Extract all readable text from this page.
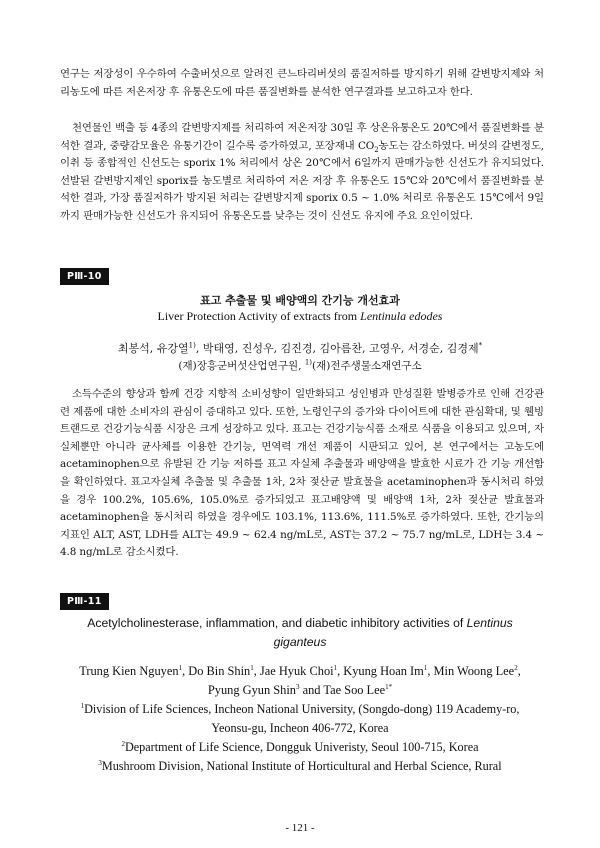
연구는 저장성이 우수하여 수출버섯으로 알려진 큰느타리버섯의 품질저하를 방지하기 위해 갈변방지제와 처리농도에 따른 저온저장 후 유통온도에 따른 품질변화를 분석한 연구결과를 보고하고자 한다.

천연물인 백출 등 4종의 갈변방지제를 처리하여 저온저장 30일 후 상온유통온도 20℃에서 품질변화를 분석한 결과, 중량감모율은 유통기간이 길수록 증가하였고, 포장재내 $CO_2$농도는 감소하였다. 버섯의 갈변정도, 이취 등 종합적인 신선도는 sporix 1% 처리에서 상온 20℃에서 6일까지 판매가능한 신선도가 유지되었다. 선발된 갈변방지제인 sporix를 농도별로 처리하여 저온 저장 후 유통온도 15℃와 20℃에서 품질변화를 분석한 결과, 가장 품질저하가 방지된 처리는 갈변방지제 sporix 0.5 ~ 1.0% 처리로 유통온도 15℃에서 9일까지 판매가능한 신선도가 유지되어 유통온도를 낮추는 것이 신선도 유지에 주요 요인이었다.

PⅢ-10

표고 추출물 및 배양액의 간기능 개선효과

Liver Protection Activity of extracts from Lentinula edodes

최봉석, 유강열$^{1)}$, 박태영, 진성우, 김진경, 김아름찬, 고영우, 서경순, 김경제*

(재)장흥군버섯산업연구원, $^{1)}$(재)전주생물소재연구소

소득수준의 향상과 함께 건강 지향적 소비성향이 일반화되고 성인병과 만성질환 발병증가로 인해 건강관련 제품에 대한 소비자의 관심이 증대하고 있다. 또한, 노령인구의 증가와 다이어트에 대한 관심확대, 및 웰빙 트랜드로 건강기능식품 시장은 크게 성장하고 있다. 표고는 건강기능식품 소재로 식품을 이용되고 있으며, 자실체뿐만 아니라 균사체를 이용한 간기능, 면역력 개선 제품이 시판되고 있어, 본 연구에서는 고농도에 acetaminophen으로 유발된 간 기능 저하를 표고 자실체 추출물과 배양액을 발효한 시료가 간 기능 개선함을 확인하였다. 표고자실체 추출물 및 추출물 1차, 2차 젖산균 발효물을 acetaminophen과 동시처리 하였을 경우 100.2%, 105.6%, 105.0%로 증가되었고 표고배양액 및 배양액 1차, 2차 젖산균 발효물과 acetaminophen을 동시처리 하였을 경우에도 103.1%, 113.6%, 111.5%로 증가하였다. 또한, 간기능의 지표인 ALT, AST, LDH를 ALT는 49.9 ~ 62.4 ng/mL로, AST는 37.2 ~ 75.7 ng/mL로, LDH는 3.4 ~ 4.8 ng/mL로 감소시켰다.

PⅢ-11

Acetylcholinesterase, inflammation, and diabetic inhibitory activities of Lentinus
giganteus

Trung Kien Nguyen$^1$, Do Bin Shin$^1$, Jae Hyuk Choi$^1$, Kyung Hoan Im$^1$, Min Woong Lee$^2$,
Pyung Gyun Shin$^3$ and Tae Soo Lee$^{1*}$

$^1$Division of Life Sciences, Incheon National University, (Songdo-dong) 119 Academy-ro,
Yeonsu-gu, Incheon 406-772, Korea
$^2$Department of Life Science, Dongguk Univeristy, Seoul 100-715, Korea
$^3$Mushroom Division, National Institute of Horticultural and Herbal Science, Rural

- 121 -
